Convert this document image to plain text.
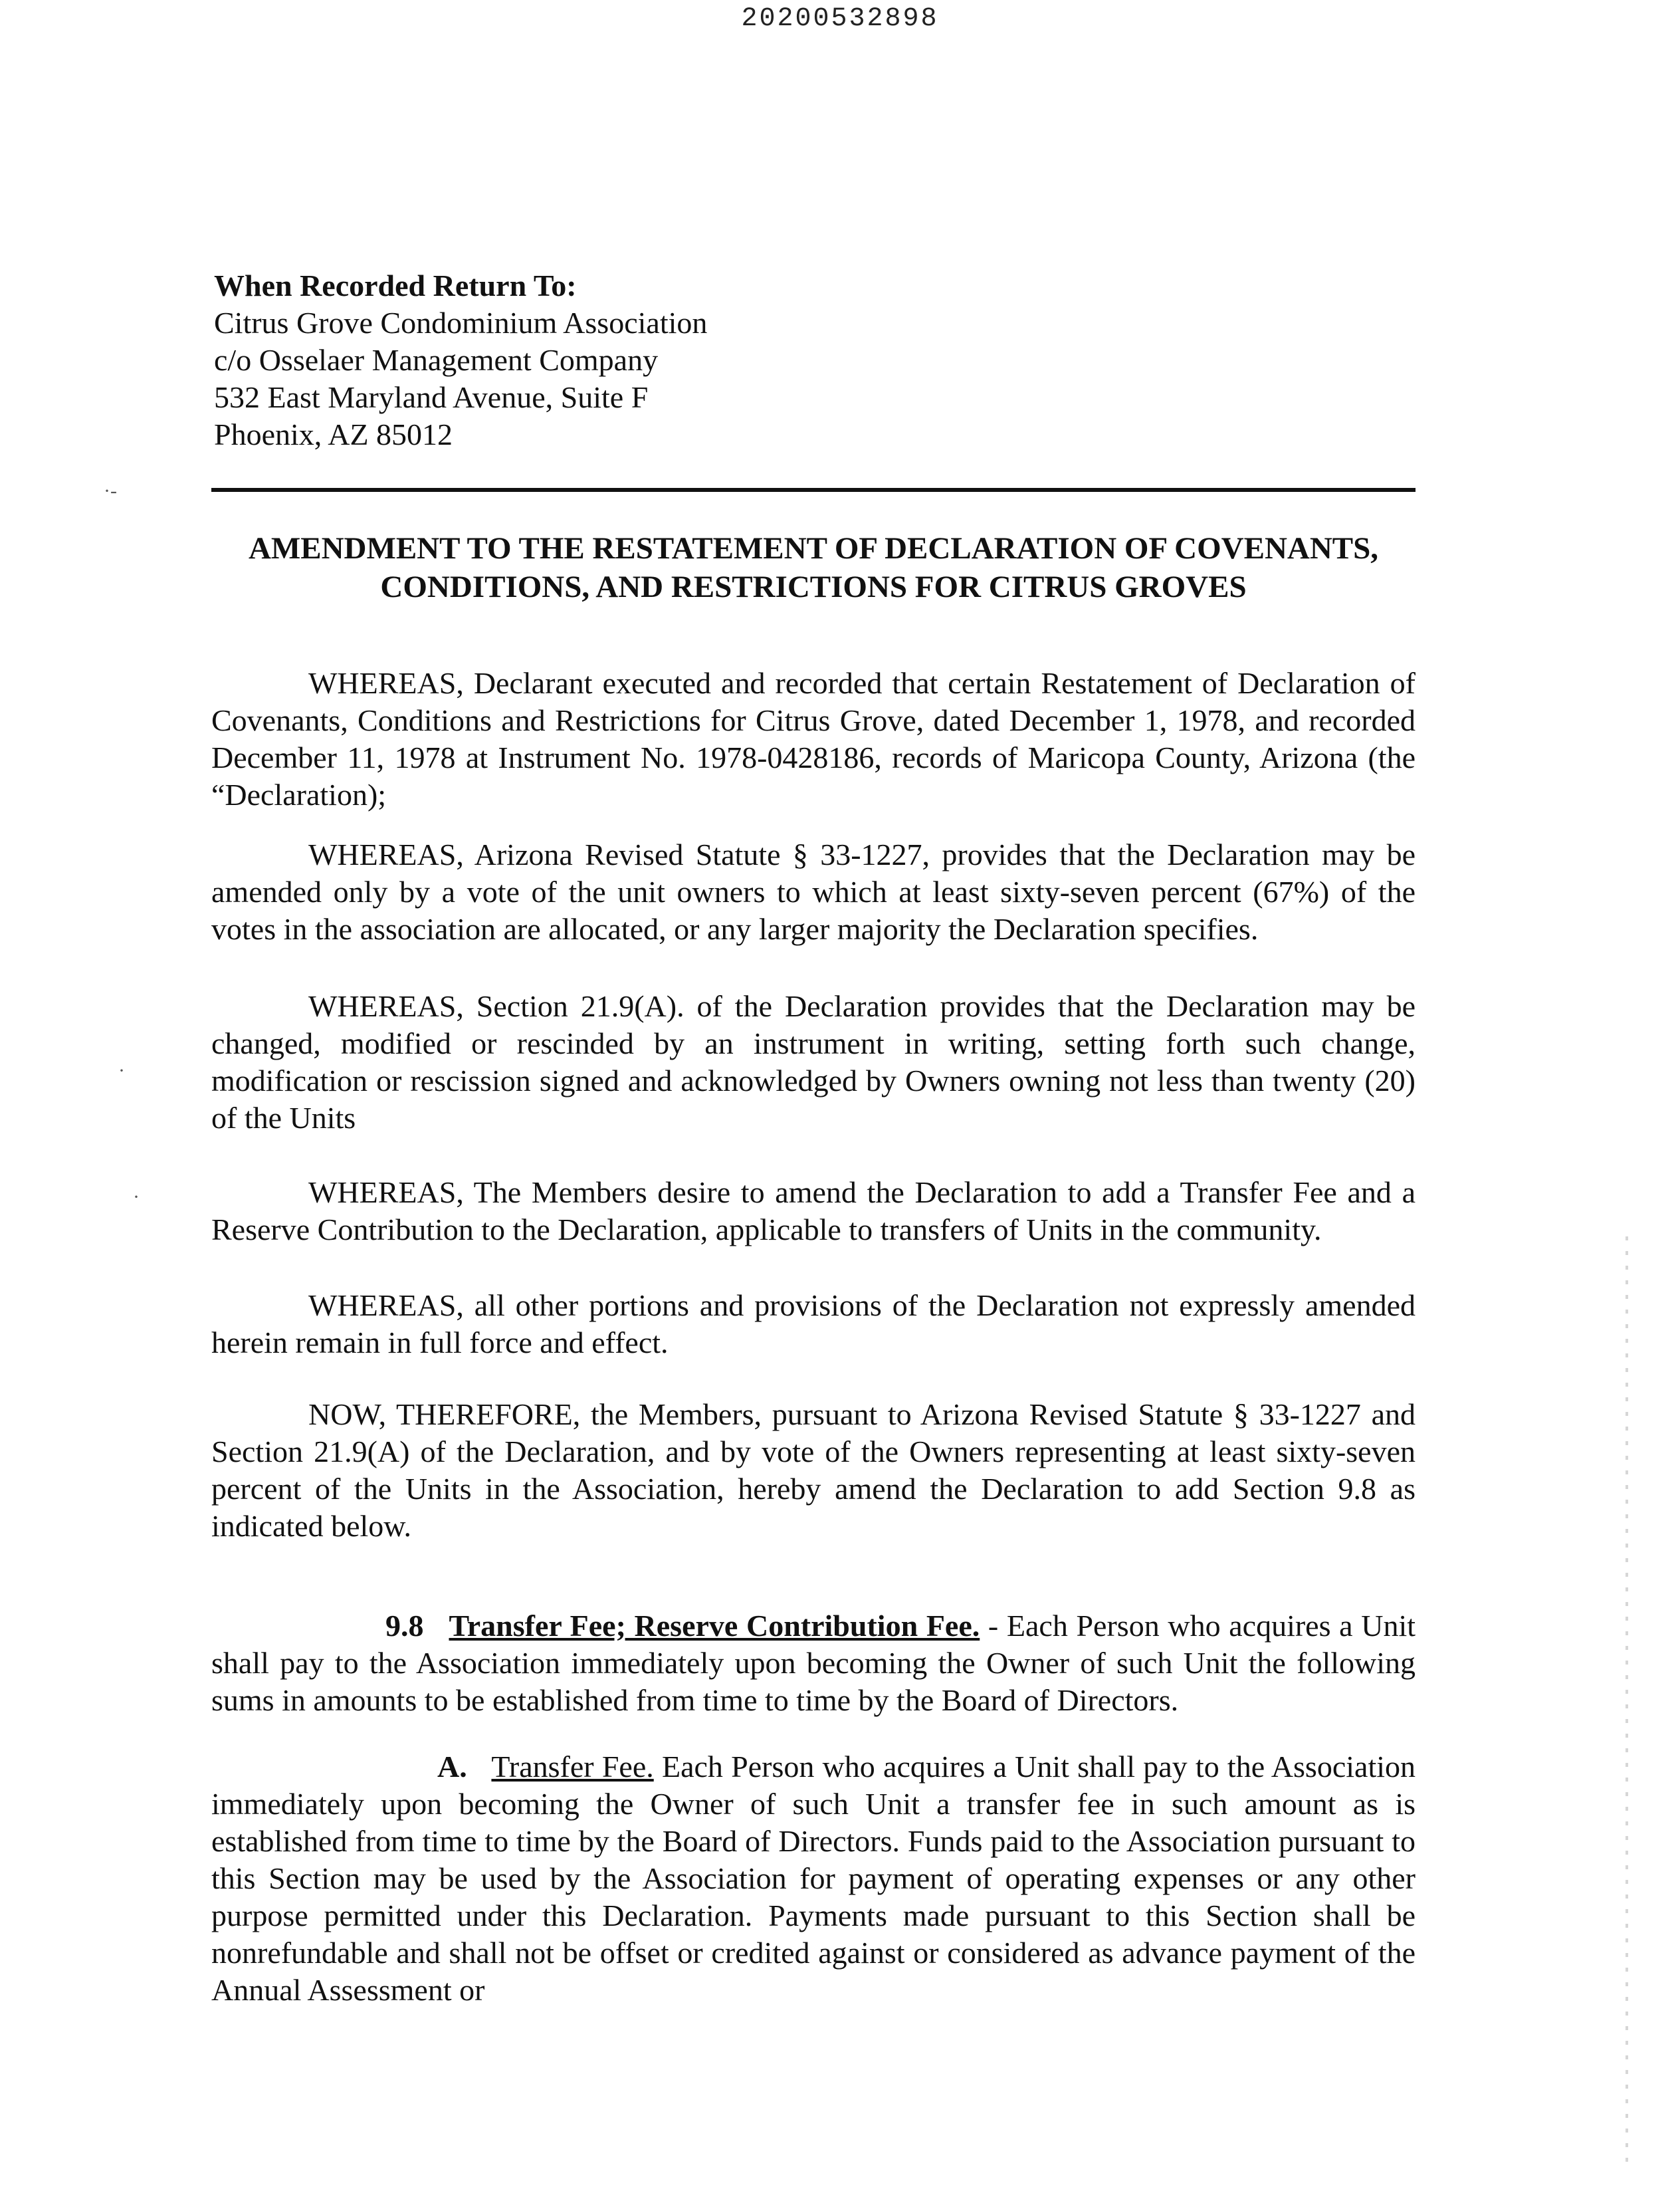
20200532898
When Recorded Return To:
Citrus Grove Condominium Association
c/o Osselaer Management Company
532 East Maryland Avenue, Suite F
Phoenix, AZ 85012
·-
AMENDMENT TO THE RESTATEMENT OF DECLARATION OF COVENANTS,
CONDITIONS, AND RESTRICTIONS FOR CITRUS GROVES

WHEREAS, Declarant executed and recorded that certain Restatement of Declaration of Covenants, Conditions and Restrictions for Citrus Grove, dated December 1, 1978, and recorded December 11, 1978 at Instrument No. 1978-0428186, records of Maricopa County, Arizona (the “Declaration);

WHEREAS, Arizona Revised Statute § 33-1227, provides that the Declaration may be amended only by a vote of the unit owners to which at least sixty-seven percent (67%) of the votes in the association are allocated, or any larger majority the Declaration specifies.

·

WHEREAS, Section 21.9(A). of the Declaration provides that the Declaration may be changed, modified or rescinded by an instrument in writing, setting forth such change, modification or rescission signed and acknowledged by Owners owning not less than twenty (20) of the Units

·	WHEREAS, The Members desire to amend the Declaration to add a Transfer Fee and a Reserve Contribution to the Declaration, applicable to transfers of Units in the community.

WHEREAS, all other portions and provisions of the Declaration not expressly amended herein remain in full force and effect.

NOW, THEREFORE, the Members, pursuant to Arizona Revised Statute § 33-1227 and Section 21.9(A) of the Declaration, and by vote of the Owners representing at least sixty-seven percent of the Units in the Association, hereby amend the Declaration to add Section 9.8 as indicated below.

9.8 Transfer Fee; Reserve Contribution Fee. - Each Person who acquires a Unit shall pay to the Association immediately upon becoming the Owner of such Unit the following sums in amounts to be established from time to time by the Board of Directors.

A. Transfer Fee. Each Person who acquires a Unit shall pay to the Association immediately upon becoming the Owner of such Unit a transfer fee in such amount as is established from time to time by the Board of Directors. Funds paid to the Association pursuant to this Section may be used by the Association for payment of operating expenses or any other purpose permitted under this Declaration. Payments made pursuant to this Section shall be nonrefundable and shall not be offset or credited against or considered as advance payment of the Annual Assessment or
